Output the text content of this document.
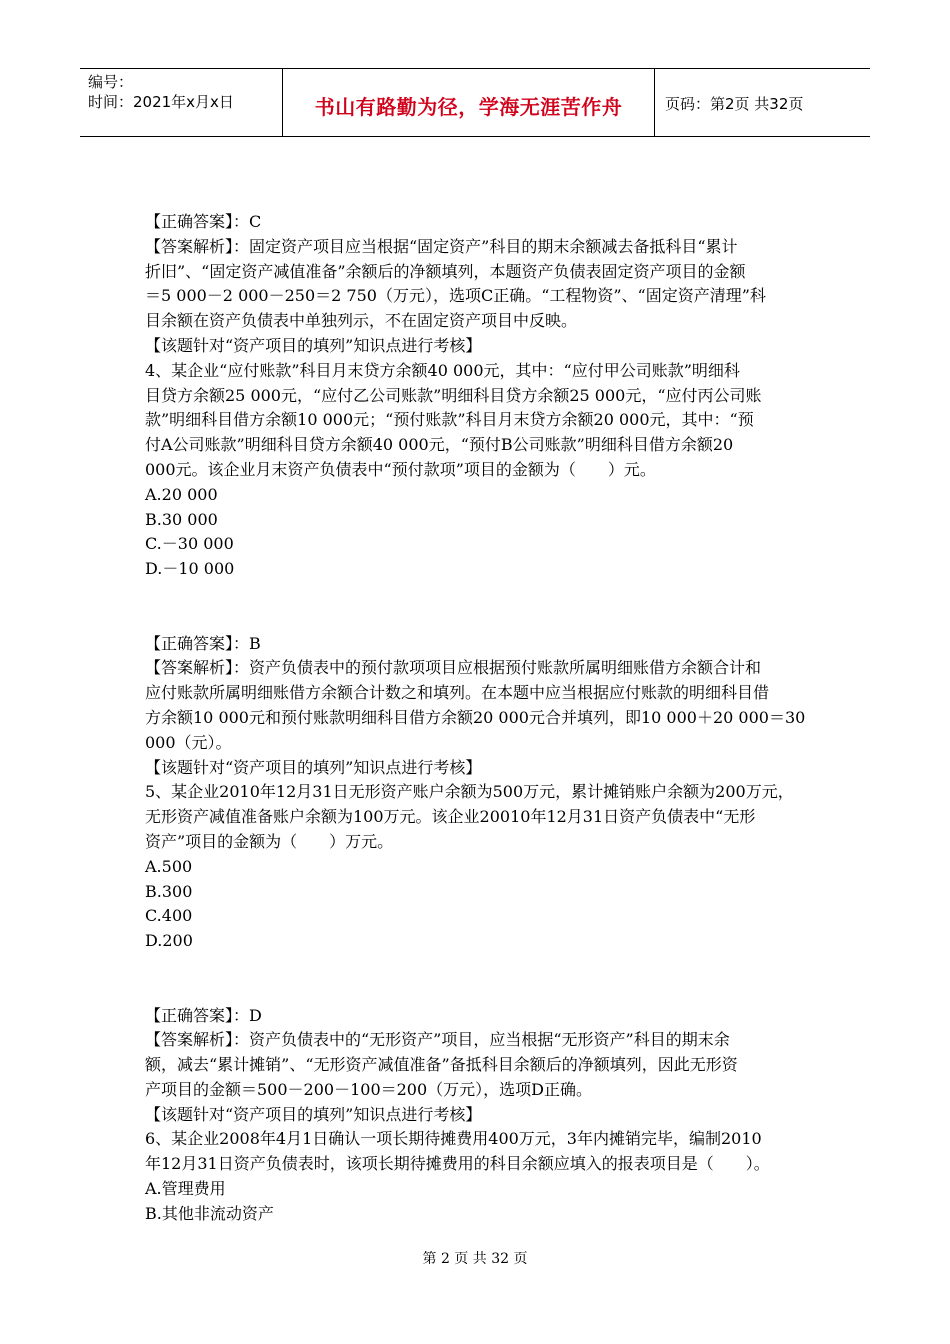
编号：
时间：2021年x月x日	书山有路勤为径，学海无涯苦作舟	页码：第2页 共32页
【正确答案】：C
【答案解析】：固定资产项目应当根据“固定资产”科目的期末余额减去备抵科目“累计
折旧”、“固定资产减值准备”余额后的净额填列，本题资产负债表固定资产项目的金额
＝5 000－2 000－250＝2 750（万元），选项C正确。“工程物资”、“固定资产清理”科
目余额在资产负债表中单独列示，不在固定资产项目中反映。
【该题针对“资产项目的填列”知识点进行考核】
4、某企业“应付账款”科目月末贷方余额40 000元，其中：“应付甲公司账款”明细科
目贷方余额25 000元，“应付乙公司账款”明细科目贷方余额25 000元，“应付丙公司账
款”明细科目借方余额10 000元；“预付账款”科目月末贷方余额20 000元，其中：“预
付A公司账款”明细科目贷方余额40 000元，“预付B公司账款”明细科目借方余额20
000元。该企业月末资产负债表中“预付款项”项目的金额为（　　）元。
A.20 000
B.30 000
C.－30 000
D.－10 000
【正确答案】：B
【答案解析】：资产负债表中的预付款项项目应根据预付账款所属明细账借方余额合计和
应付账款所属明细账借方余额合计数之和填列。在本题中应当根据应付账款的明细科目借
方余额10 000元和预付账款明细科目借方余额20 000元合并填列，即10 000＋20 000＝30
000（元）。
【该题针对“资产项目的填列”知识点进行考核】
5、某企业2010年12月31日无形资产账户余额为500万元，累计摊销账户余额为200万元，
无形资产减值准备账户余额为100万元。该企业20010年12月31日资产负债表中“无形
资产”项目的金额为（　　）万元。
A.500
B.300
C.400
D.200
【正确答案】：D
【答案解析】：资产负债表中的“无形资产”项目，应当根据“无形资产”科目的期末余
额，减去“累计摊销”、“无形资产减值准备”备抵科目余额后的净额填列，因此无形资
产项目的金额＝500－200－100＝200（万元），选项D正确。
【该题针对“资产项目的填列”知识点进行考核】
6、某企业2008年4月1日确认一项长期待摊费用400万元，3年内摊销完毕，编制2010
年12月31日资产负债表时，该项长期待摊费用的科目余额应填入的报表项目是（　　）。
A.管理费用
B.其他非流动资产
第 2 页 共 32 页
